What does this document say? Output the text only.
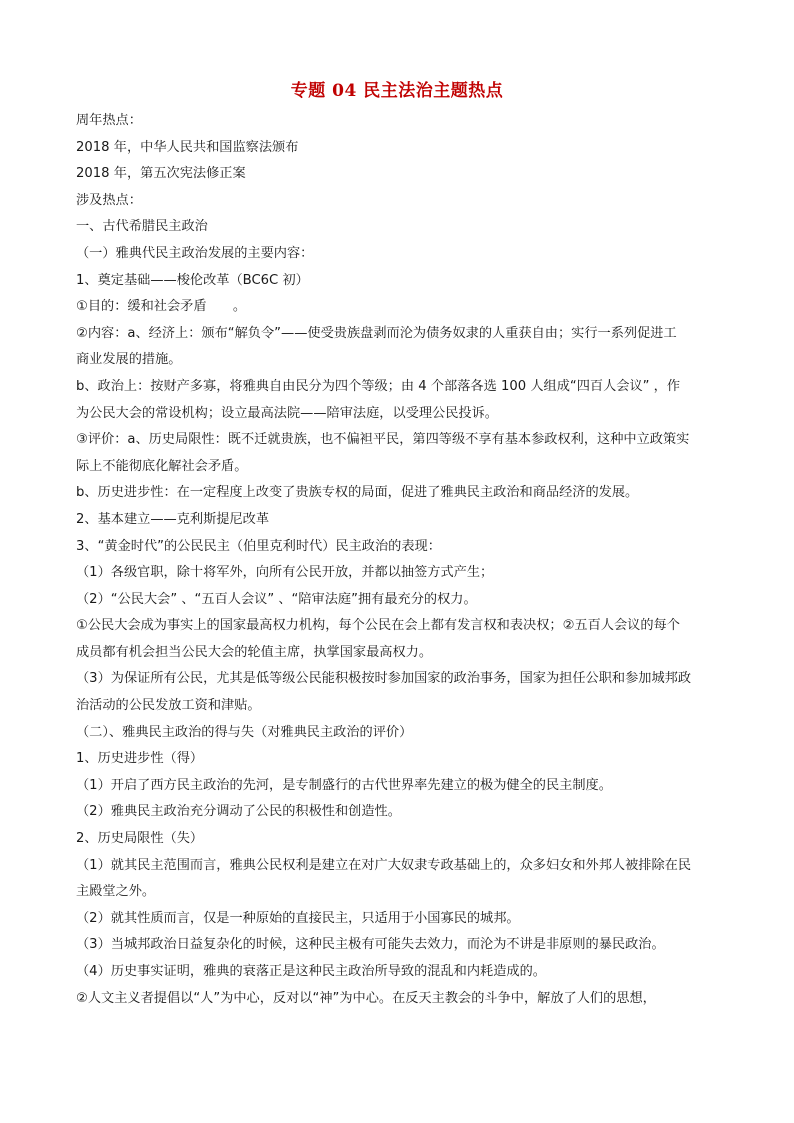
专题 04 民主法治主题热点

周年热点：

2018 年，中华人民共和国监察法颁布

2018 年，第五次宪法修正案

涉及热点：

一、古代希腊民主政治

（一）雅典代民主政治发展的主要内容：

1、奠定基础——梭伦改革（BC6C 初）

①目的：缓和社会矛盾　　。

②内容：a、经济上：颁布“解负令”——使受贵族盘剥而沦为债务奴隶的人重获自由；实行一系列促进工

商业发展的措施。

b、政治上：按财产多寡，将雅典自由民分为四个等级；由 4 个部落各选 100 人组成“四百人会议” ，作

为公民大会的常设机构；设立最高法院——陪审法庭，以受理公民投诉。

③评价：a、历史局限性：既不迁就贵族，也不偏袒平民，第四等级不享有基本参政权利，这种中立政策实

际上不能彻底化解社会矛盾。

b、历史进步性：在一定程度上改变了贵族专权的局面，促进了雅典民主政治和商品经济的发展。

2、基本建立——克利斯提尼改革

3、“黄金时代”的公民民主（伯里克利时代）民主政治的表现：

（1）各级官职，除十将军外，向所有公民开放，并都以抽签方式产生；

（2）“公民大会” 、“五百人会议” 、“陪审法庭”拥有最充分的权力。

①公民大会成为事实上的国家最高权力机构，每个公民在会上都有发言权和表决权；②五百人会议的每个

成员都有机会担当公民大会的轮值主席，执掌国家最高权力。

（3）为保证所有公民，尤其是低等级公民能积极按时参加国家的政治事务，国家为担任公职和参加城邦政

治活动的公民发放工资和津贴。

（二）、雅典民主政治的得与失（对雅典民主政治的评价）

1、历史进步性（得）

（1）开启了西方民主政治的先河，是专制盛行的古代世界率先建立的极为健全的民主制度。

（2）雅典民主政治充分调动了公民的积极性和创造性。

2、历史局限性（失）

（1）就其民主范围而言，雅典公民权利是建立在对广大奴隶专政基础上的，众多妇女和外邦人被排除在民

主殿堂之外。

（2）就其性质而言，仅是一种原始的直接民主，只适用于小国寡民的城邦。

（3）当城邦政治日益复杂化的时候，这种民主极有可能失去效力，而沦为不讲是非原则的暴民政治。

（4）历史事实证明，雅典的衰落正是这种民主政治所导致的混乱和内耗造成的。

②人文主义者提倡以“人”为中心，反对以“神”为中心。在反天主教会的斗争中，解放了人们的思想，
